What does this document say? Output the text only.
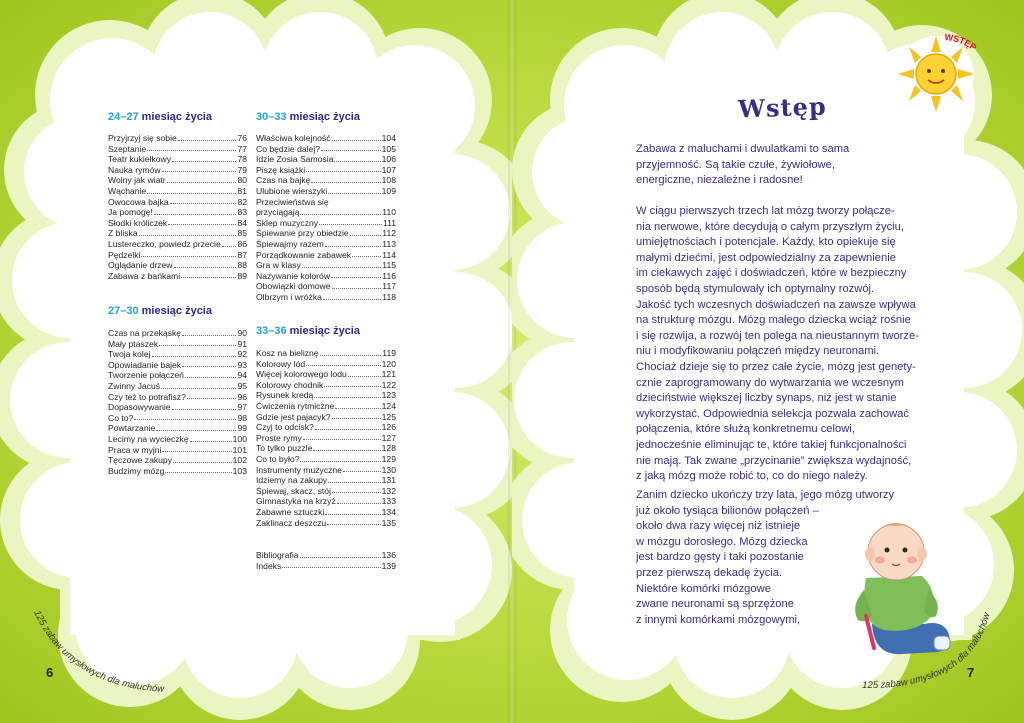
24–27 miesiąc życia
Przyjrzyj się sobie	76
Szeptanie	77
Teatr kukiełkowy	78
Nauka rymów	79
Wolny jak wiatr	80
Wąchanie	81
Owocowa bajka	82
Ja pomogę!	83
Słodki króliczek	84
Z bliska	85
Lustereczko, powiedz przecie 86
Pędzelki	87
Oglądanie drzew	88
Zabawa z bańkami	89
27–30 miesiąc życia
Czas na przekąskę	90
Mały ptaszek	91
Twoja kolej	92
Opowiadanie bajek	93
Tworzenie połączeń	94
Zwinny Jacuś	95
Czy też to potrafisz?	96
Dopasowywanie	97
Co to?	98
Powtarzanie	99
Lecimy na wycieczkę	100
Praca w myjni	101
Tęczowe zakupy	102
Budzimy mózg	103
30–33 miesiąc życia
Właściwa kolejność	104
Co będzie dalej?	105
Idzie Zosia Samosia	106
Piszę książki	107
Czas na bajkę	108
Ulubione wierszyki	109
Przeciwieństwa się
przyciągają	110
Sklep muzyczny	111
Śpiewanie przy obiedzie	112
Śpiewajmy razem	113
Porządkowanie zabawek	114
Gra w klasy	115
Nazywanie kolorów	116
Obowiązki domowe	117
Olbrzym i wróżka	118
33–36 miesiąc życia
Kosz na bieliznę	119
Kolorowy lód	120
Więcej kolorowego lodu	121
Kolorowy chodnik	122
Rysunek kredą	123
Ćwiczenia rytmiczne	124
Gdzie jest pajacyk?	125
Czyj to odcisk?	126
Proste rymy	127
To tylko puzzle	128
Co to było?	129
Instrumenty muzyczne	130
Idziemy na zakupy	131
Śpiewaj, skacz, stój	132
Gimnastyka na krzyż	133
Zabawne sztuczki	134
Zaklinacz deszczu	135
Bibliografia	136
Indeks	139
125 zabaw umysłowych dla maluchów
6
WSTĘP
Wstęp

Zabawa z maluchami i dwulatkami to sama

przyjemność. Są takie czułe, żywiołowe,

energiczne, niezależne i radosne!

W ciągu pierwszych trzech lat mózg tworzy połącze-

nia nerwowe, które decydują o całym przyszłym życiu,

umiejętnościach i potencjale. Każdy, kto opiekuje się

małymi dziećmi, jest odpowiedzialny za zapewnienie

im ciekawych zajęć i doświadczeń, które w bezpieczny

sposób będą stymulowały ich optymalny rozwój.

Jakość tych wczesnych doświadczeń na zawsze wpływa

na strukturę mózgu. Mózg małego dziecka wciąż rośnie

i się rozwija, a rozwój ten polega na nieustannym tworze-

niu i modyfikowaniu połączeń między neuronami.

Chociaż dzieje się to przez całe życie, mózg jest genety-

cznie zaprogramowany do wytwarzania we wczesnym

dzieciństwie większej liczby synaps, niż jest w stanie

wykorzystać. Odpowiednia selekcja pozwala zachować

połączenia, które służą konkretnemu celowi,

jednocześnie eliminując te, które takiej funkcjonalności

nie mają. Tak zwane „przycinanie” zwiększa wydajność,

z jaką mózg może robić to, co do niego należy.

Zanim dziecko ukończy trzy lata, jego mózg utworzy

już około tysiąca bilionów połączeń –

około dwa razy więcej niż istnieje

w mózgu dorosłego. Mózg dziecka

jest bardzo gęsty i taki pozostanie

przez pierwszą dekadę życia.

Niektóre komórki mózgowe

zwane neuronami są sprzężone

z innymi komórkami mózgowymi,

125 zabaw umysłowych dla maluchów
7
